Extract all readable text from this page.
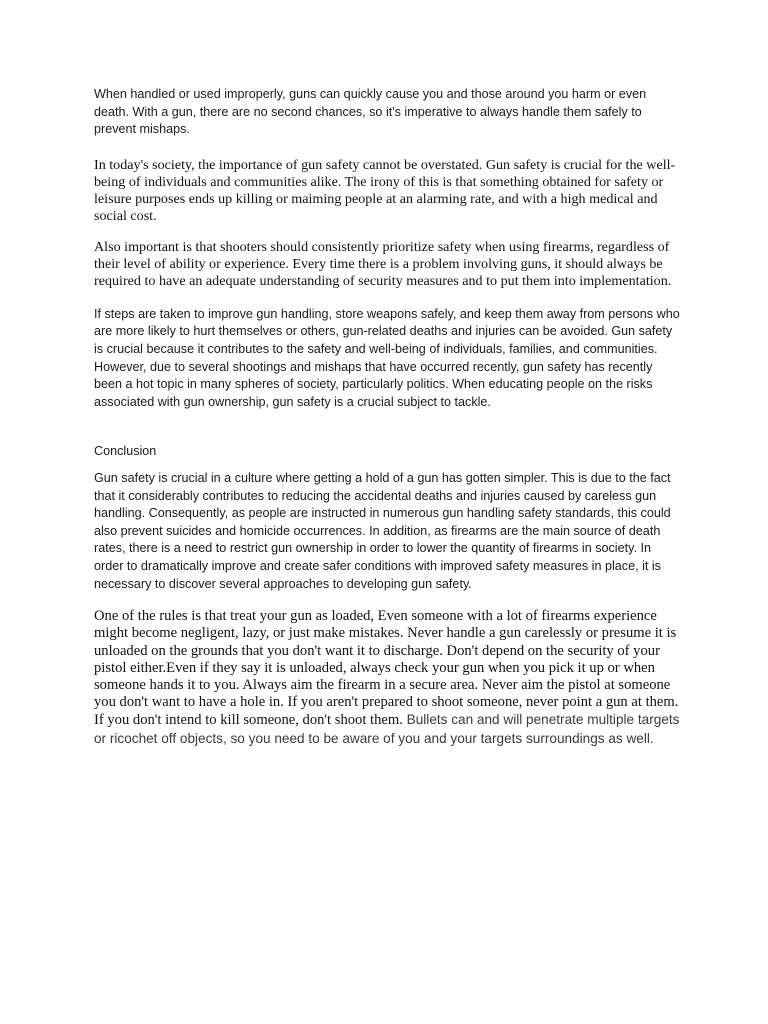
When handled or used improperly, guns can quickly cause you and those around you harm or even death. With a gun, there are no second chances, so it's imperative to always handle them safely to prevent mishaps.

In today's society, the importance of gun safety cannot be overstated. Gun safety is crucial for the well-being of individuals and communities alike. The irony of this is that something obtained for safety or leisure purposes ends up killing or maiming people at an alarming rate, and with a high medical and social cost.

Also important is that shooters should consistently prioritize safety when using firearms, regardless of their level of ability or experience. Every time there is a problem involving guns, it should always be required to have an adequate understanding of security measures and to put them into implementation.

If steps are taken to improve gun handling, store weapons safely, and keep them away from persons who are more likely to hurt themselves or others, gun-related deaths and injuries can be avoided. Gun safety is crucial because it contributes to the safety and well-being of individuals, families, and communities. However, due to several shootings and mishaps that have occurred recently, gun safety has recently been a hot topic in many spheres of society, particularly politics. When educating people on the risks associated with gun ownership, gun safety is a crucial subject to tackle.

Conclusion

Gun safety is crucial in a culture where getting a hold of a gun has gotten simpler. This is due to the fact that it considerably contributes to reducing the accidental deaths and injuries caused by careless gun handling. Consequently, as people are instructed in numerous gun handling safety standards, this could also prevent suicides and homicide occurrences. In addition, as firearms are the main source of death rates, there is a need to restrict gun ownership in order to lower the quantity of firearms in society. In order to dramatically improve and create safer conditions with improved safety measures in place, it is necessary to discover several approaches to developing gun safety.

One of the rules is that treat your gun as loaded, Even someone with a lot of firearms experience might become negligent, lazy, or just make mistakes. Never handle a gun carelessly or presume it is unloaded on the grounds that you don't want it to discharge. Don't depend on the security of your pistol either.Even if they say it is unloaded, always check your gun when you pick it up or when someone hands it to you. Always aim the firearm in a secure area. Never aim the pistol at someone you don't want to have a hole in. If you aren't prepared to shoot someone, never point a gun at them. If you don't intend to kill someone, don't shoot them. Bullets can and will penetrate multiple targets or ricochet off objects, so you need to be aware of you and your targets surroundings as well.
